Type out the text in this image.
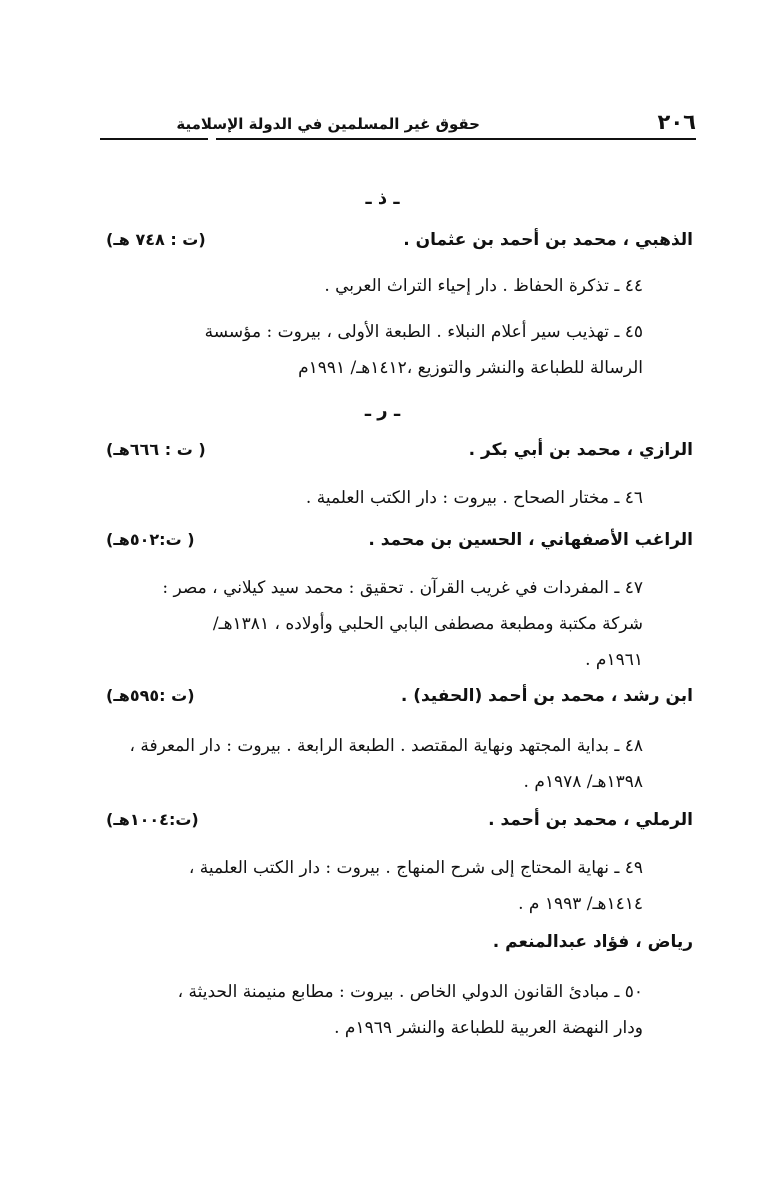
٢٠٦
حقوق غير المسلمين في الدولة الإسلامية
ـ ذ ـ
الذهبي ، محمد بن أحمد بن عثمان .
(ت : ٧٤٨ هـ)
٤٤ ـ تذكرة الحفاظ . دار إحياء التراث العربي .
٤٥ ـ تهذيب سير أعلام النبلاء . الطبعة الأولى ، بيروت : مؤسسة
الرسالة للطباعة والنشر والتوزيع ،١٤١٢هـ/ ١٩٩١م
ـ ر ـ
الرازي ، محمد بن أبي بكر .
( ت : ٦٦٦هـ)
٤٦ ـ مختار الصحاح . بيروت : دار الكتب العلمية .
الراغب الأصفهاني ، الحسين بن محمد .
( ت:٥٠٢هـ)
٤٧ ـ المفردات في غريب القرآن . تحقيق : محمد سيد كيلاني ، مصر :
شركة مكتبة ومطبعة مصطفى البابي الحلبي وأولاده ، ١٣٨١هـ/
١٩٦١م .
ابن رشد ، محمد بن أحمد (الحفيد) .
(ت :٥٩٥هـ)
٤٨ ـ بداية المجتهد ونهاية المقتصد . الطبعة الرابعة . بيروت : دار المعرفة ،
١٣٩٨هـ/ ١٩٧٨م .
الرملي ، محمد بن أحمد .
(ت:١٠٠٤هـ)
٤٩ ـ نهاية المحتاج إلى شرح المنهاج . بيروت : دار الكتب العلمية ،
١٤١٤هـ/ ١٩٩٣ م .
رياض ، فؤاد عبدالمنعم .
٥٠ ـ مبادئ القانون الدولي الخاص . بيروت : مطابع منيمنة الحديثة ،
ودار النهضة العربية للطباعة والنشر ١٩٦٩م .
